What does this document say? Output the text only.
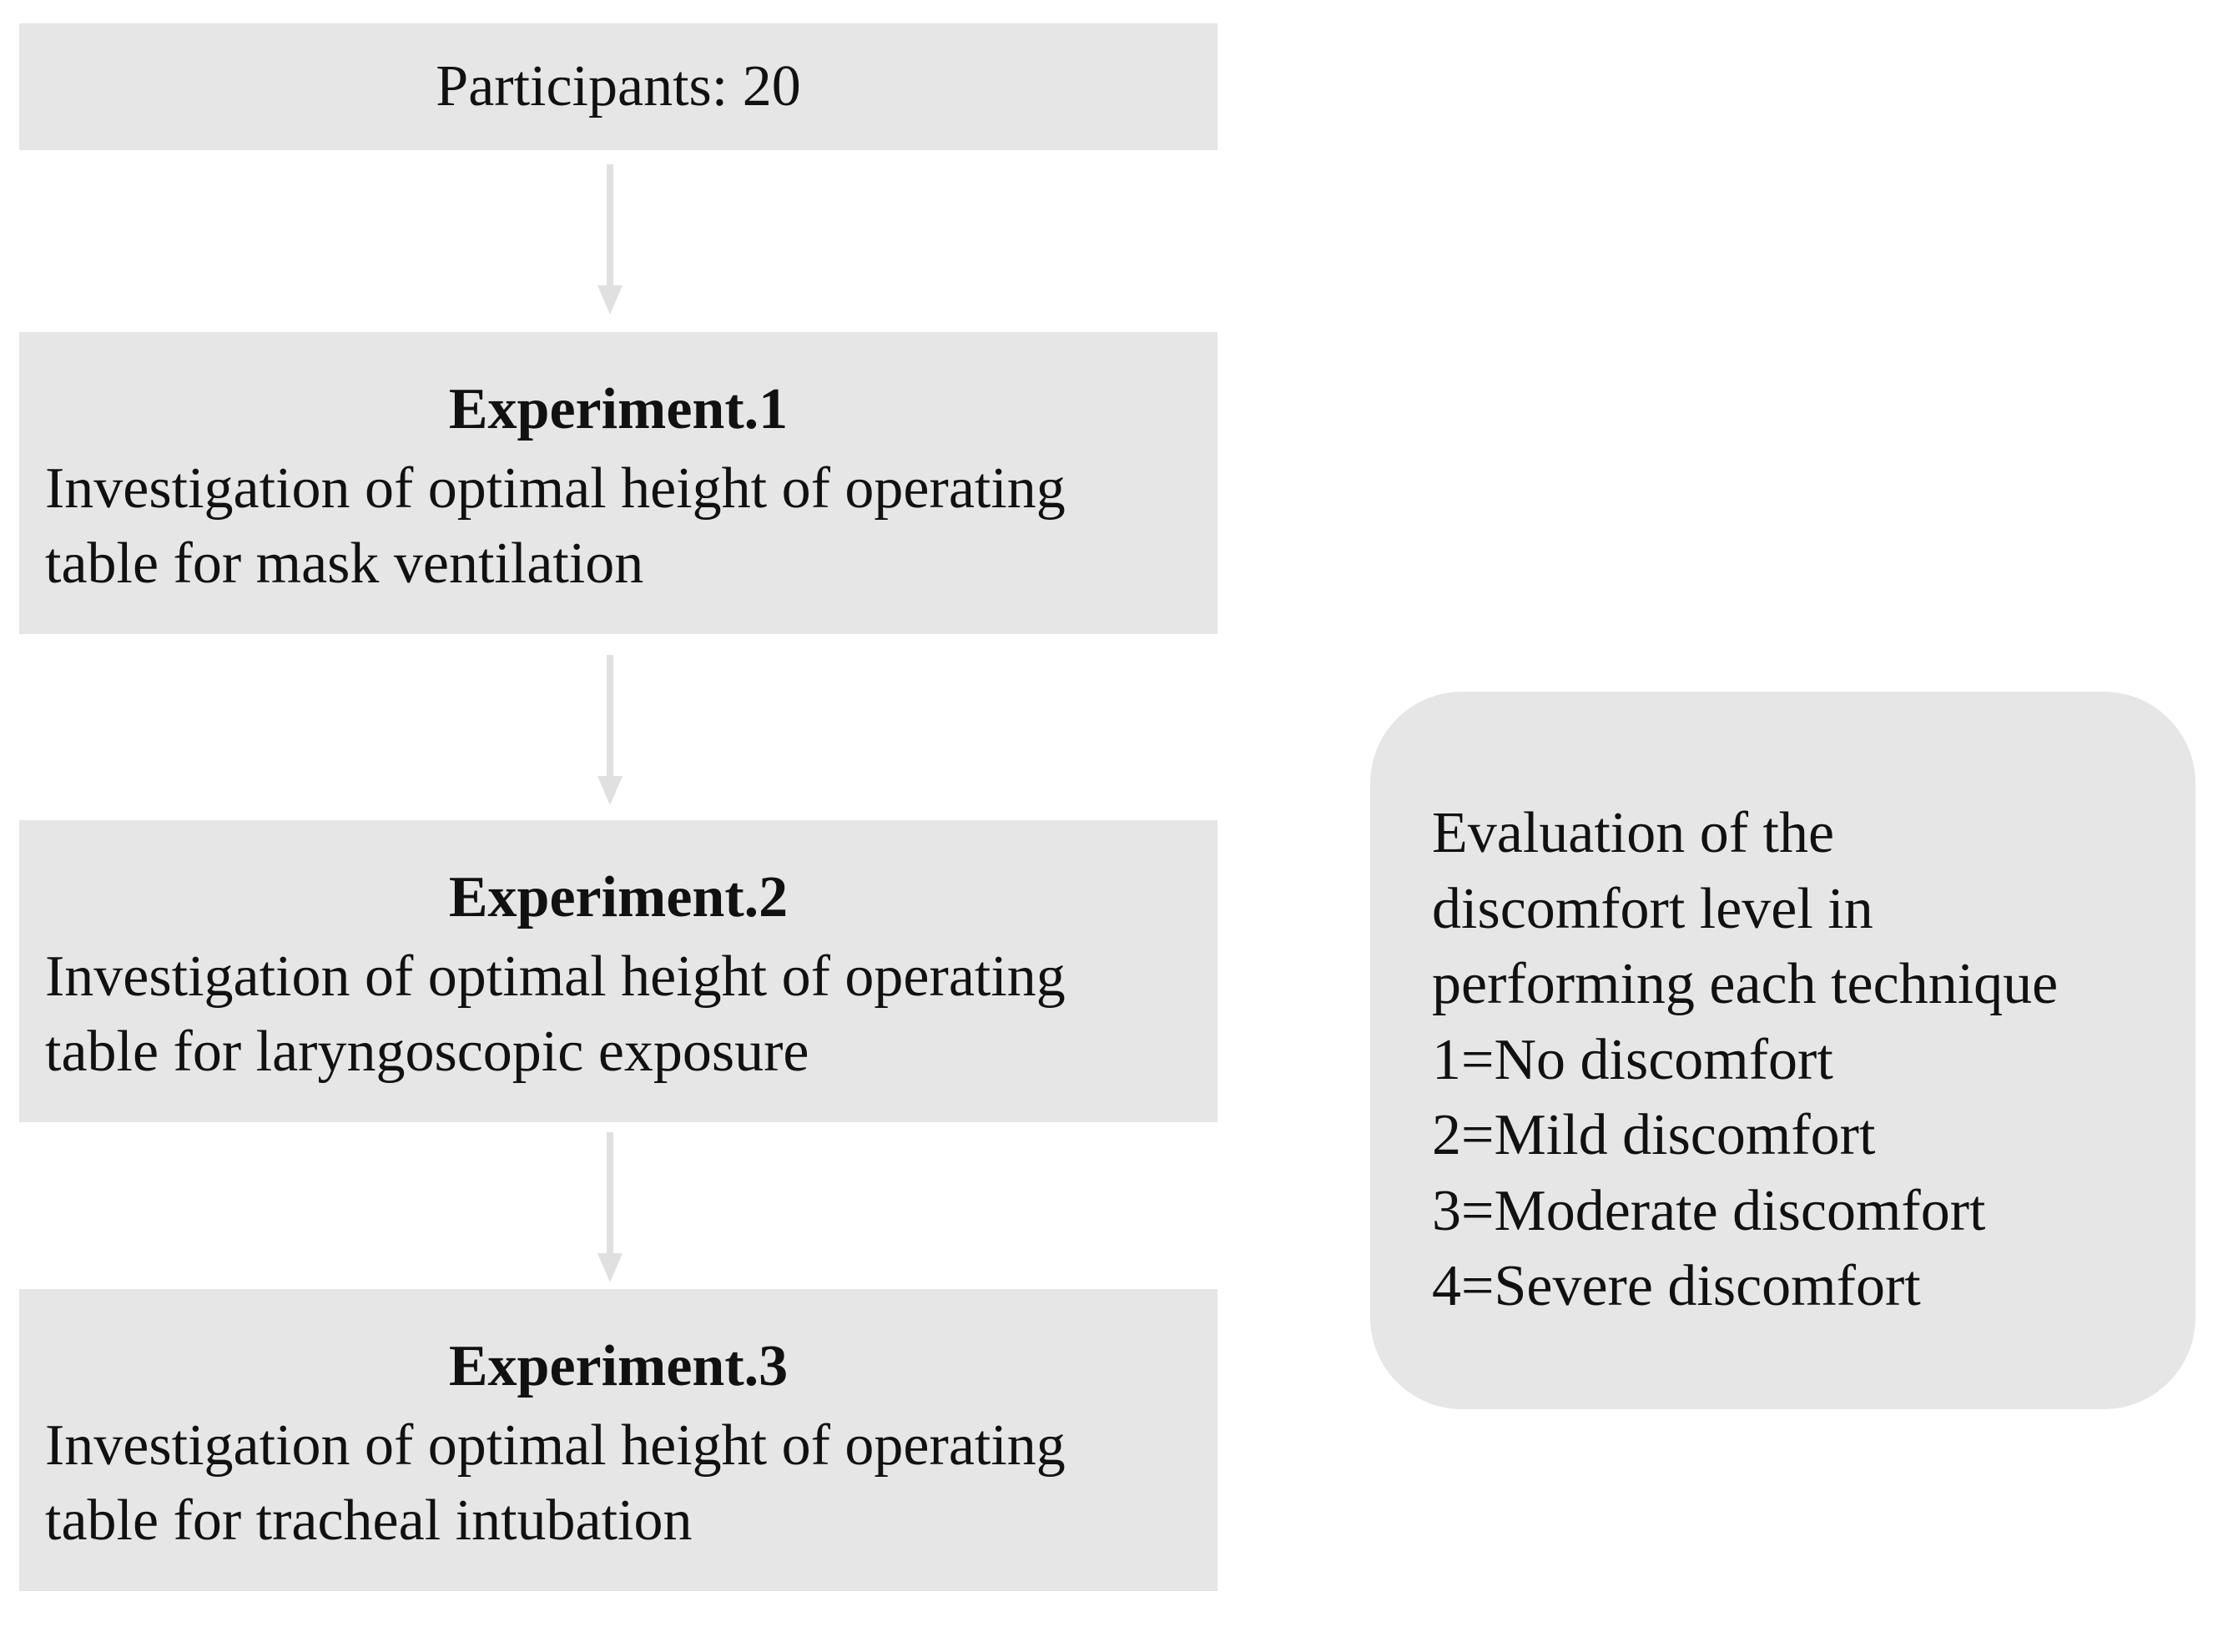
Participants: 20
Experiment.1
Investigation of optimal height of operating
table for mask ventilation
Experiment.2
Investigation of optimal height of operating
table for laryngoscopic exposure
Experiment.3
Investigation of optimal height of operating
table for tracheal intubation
Evaluation of the
discomfort level in
performing each technique
1=No discomfort
2=Mild discomfort
3=Moderate discomfort
4=Severe discomfort
